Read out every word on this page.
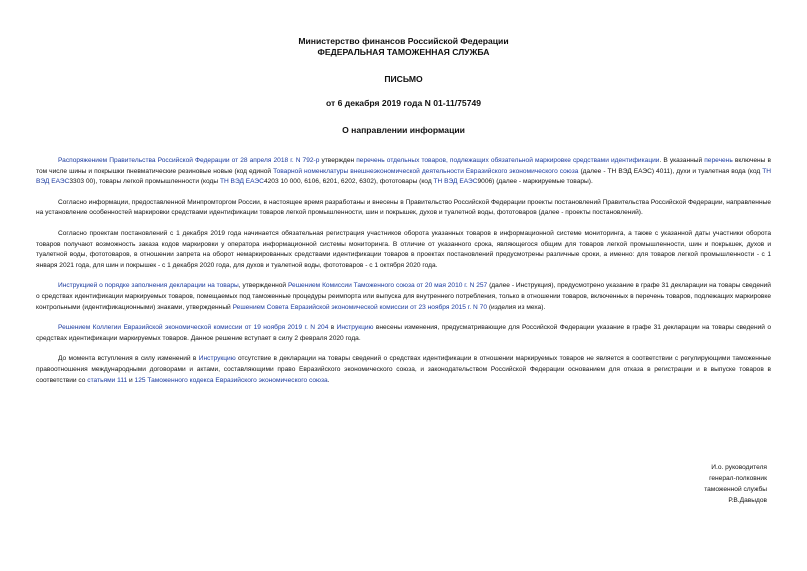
Министерство финансов Российской Федерации
ФЕДЕРАЛЬНАЯ ТАМОЖЕННАЯ СЛУЖБА
ПИСЬМО
от 6 декабря 2019 года N 01-11/75749
О направлении информации

Распоряжением Правительства Российской Федерации от 28 апреля 2018 г. N 792-р утвержден перечень отдельных товаров, подлежащих обязательной маркировке средствами идентификации. В указанный перечень включены в том числе шины и покрышки пневматические резиновые новые (код единой Товарной номенклатуры внешнеэкономической деятельности Евразийского экономического союза (далее - ТН ВЭД ЕАЭС) 4011), духи и туалетная вода (код ТН ВЭД ЕАЭС3303 00), товары легкой промышленности (коды ТН ВЭД ЕАЭС4203 10 000, 6106, 6201, 6202, 6302), фототовары (код ТН ВЭД ЕАЭС9006) (далее - маркируемые товары).

Согласно информации, предоставленной Минпромторгом России, в настоящее время разработаны и внесены в Правительство Российской Федерации проекты постановлений Правительства Российской Федерации, направленные на установление особенностей маркировки средствами идентификации товаров легкой промышленности, шин и покрышек, духов и туалетной воды, фототоваров (далее - проекты постановлений).

Согласно проектам постановлений с 1 декабря 2019 года начинается обязательная регистрация участников оборота указанных товаров в информационной системе мониторинга, а также с указанной даты участники оборота товаров получают возможность заказа кодов маркировки у оператора информационной системы мониторинга. В отличие от указанного срока, являющегося общим для товаров легкой промышленности, шин и покрышек, духов и туалетной воды, фототоваров, в отношении запрета на оборот немаркированных средствами идентификации товаров в проектах постановлений предусмотрены различные сроки, а именно: для товаров легкой промышленности - с 1 января 2021 года, для шин и покрышек - с 1 декабря 2020 года, для духов и туалетной воды, фототоваров - с 1 октября 2020 года.

Инструкцией о порядке заполнения декларации на товары, утвержденной Решением Комиссии Таможенного союза от 20 мая 2010 г. N 257 (далее - Инструкция), предусмотрено указание в графе 31 декларации на товары сведений о средствах идентификации маркируемых товаров, помещаемых под таможенные процедуры реимпорта или выпуска для внутреннего потребления, только в отношении товаров, включенных в перечень товаров, подлежащих маркировке контрольными (идентификационными) знаками, утвержденный Решением Совета Евразийской экономической комиссии от 23 ноября 2015 г. N 70 (изделия из меха).

Решением Коллегии Евразийской экономической комиссии от 19 ноября 2019 г. N 204 в Инструкцию внесены изменения, предусматривающие для Российской Федерации указание в графе 31 декларации на товары сведений о средствах идентификации маркируемых товаров. Данное решение вступает в силу 2 февраля 2020 года.

До момента вступления в силу изменений в Инструкцию отсутствие в декларации на товары сведений о средствах идентификации в отношении маркируемых товаров не является в соответствии с регулирующими таможенные правоотношения международными договорами и актами, составляющими право Евразийского экономического союза, и законодательством Российской Федерации основанием для отказа в регистрации и в выпуске товаров в соответствии со статьями 111 и 125 Таможенного кодекса Евразийского экономического союза.

И.о. руководителя
генерал-полковник
таможенной службы
Р.В.Давыдов
